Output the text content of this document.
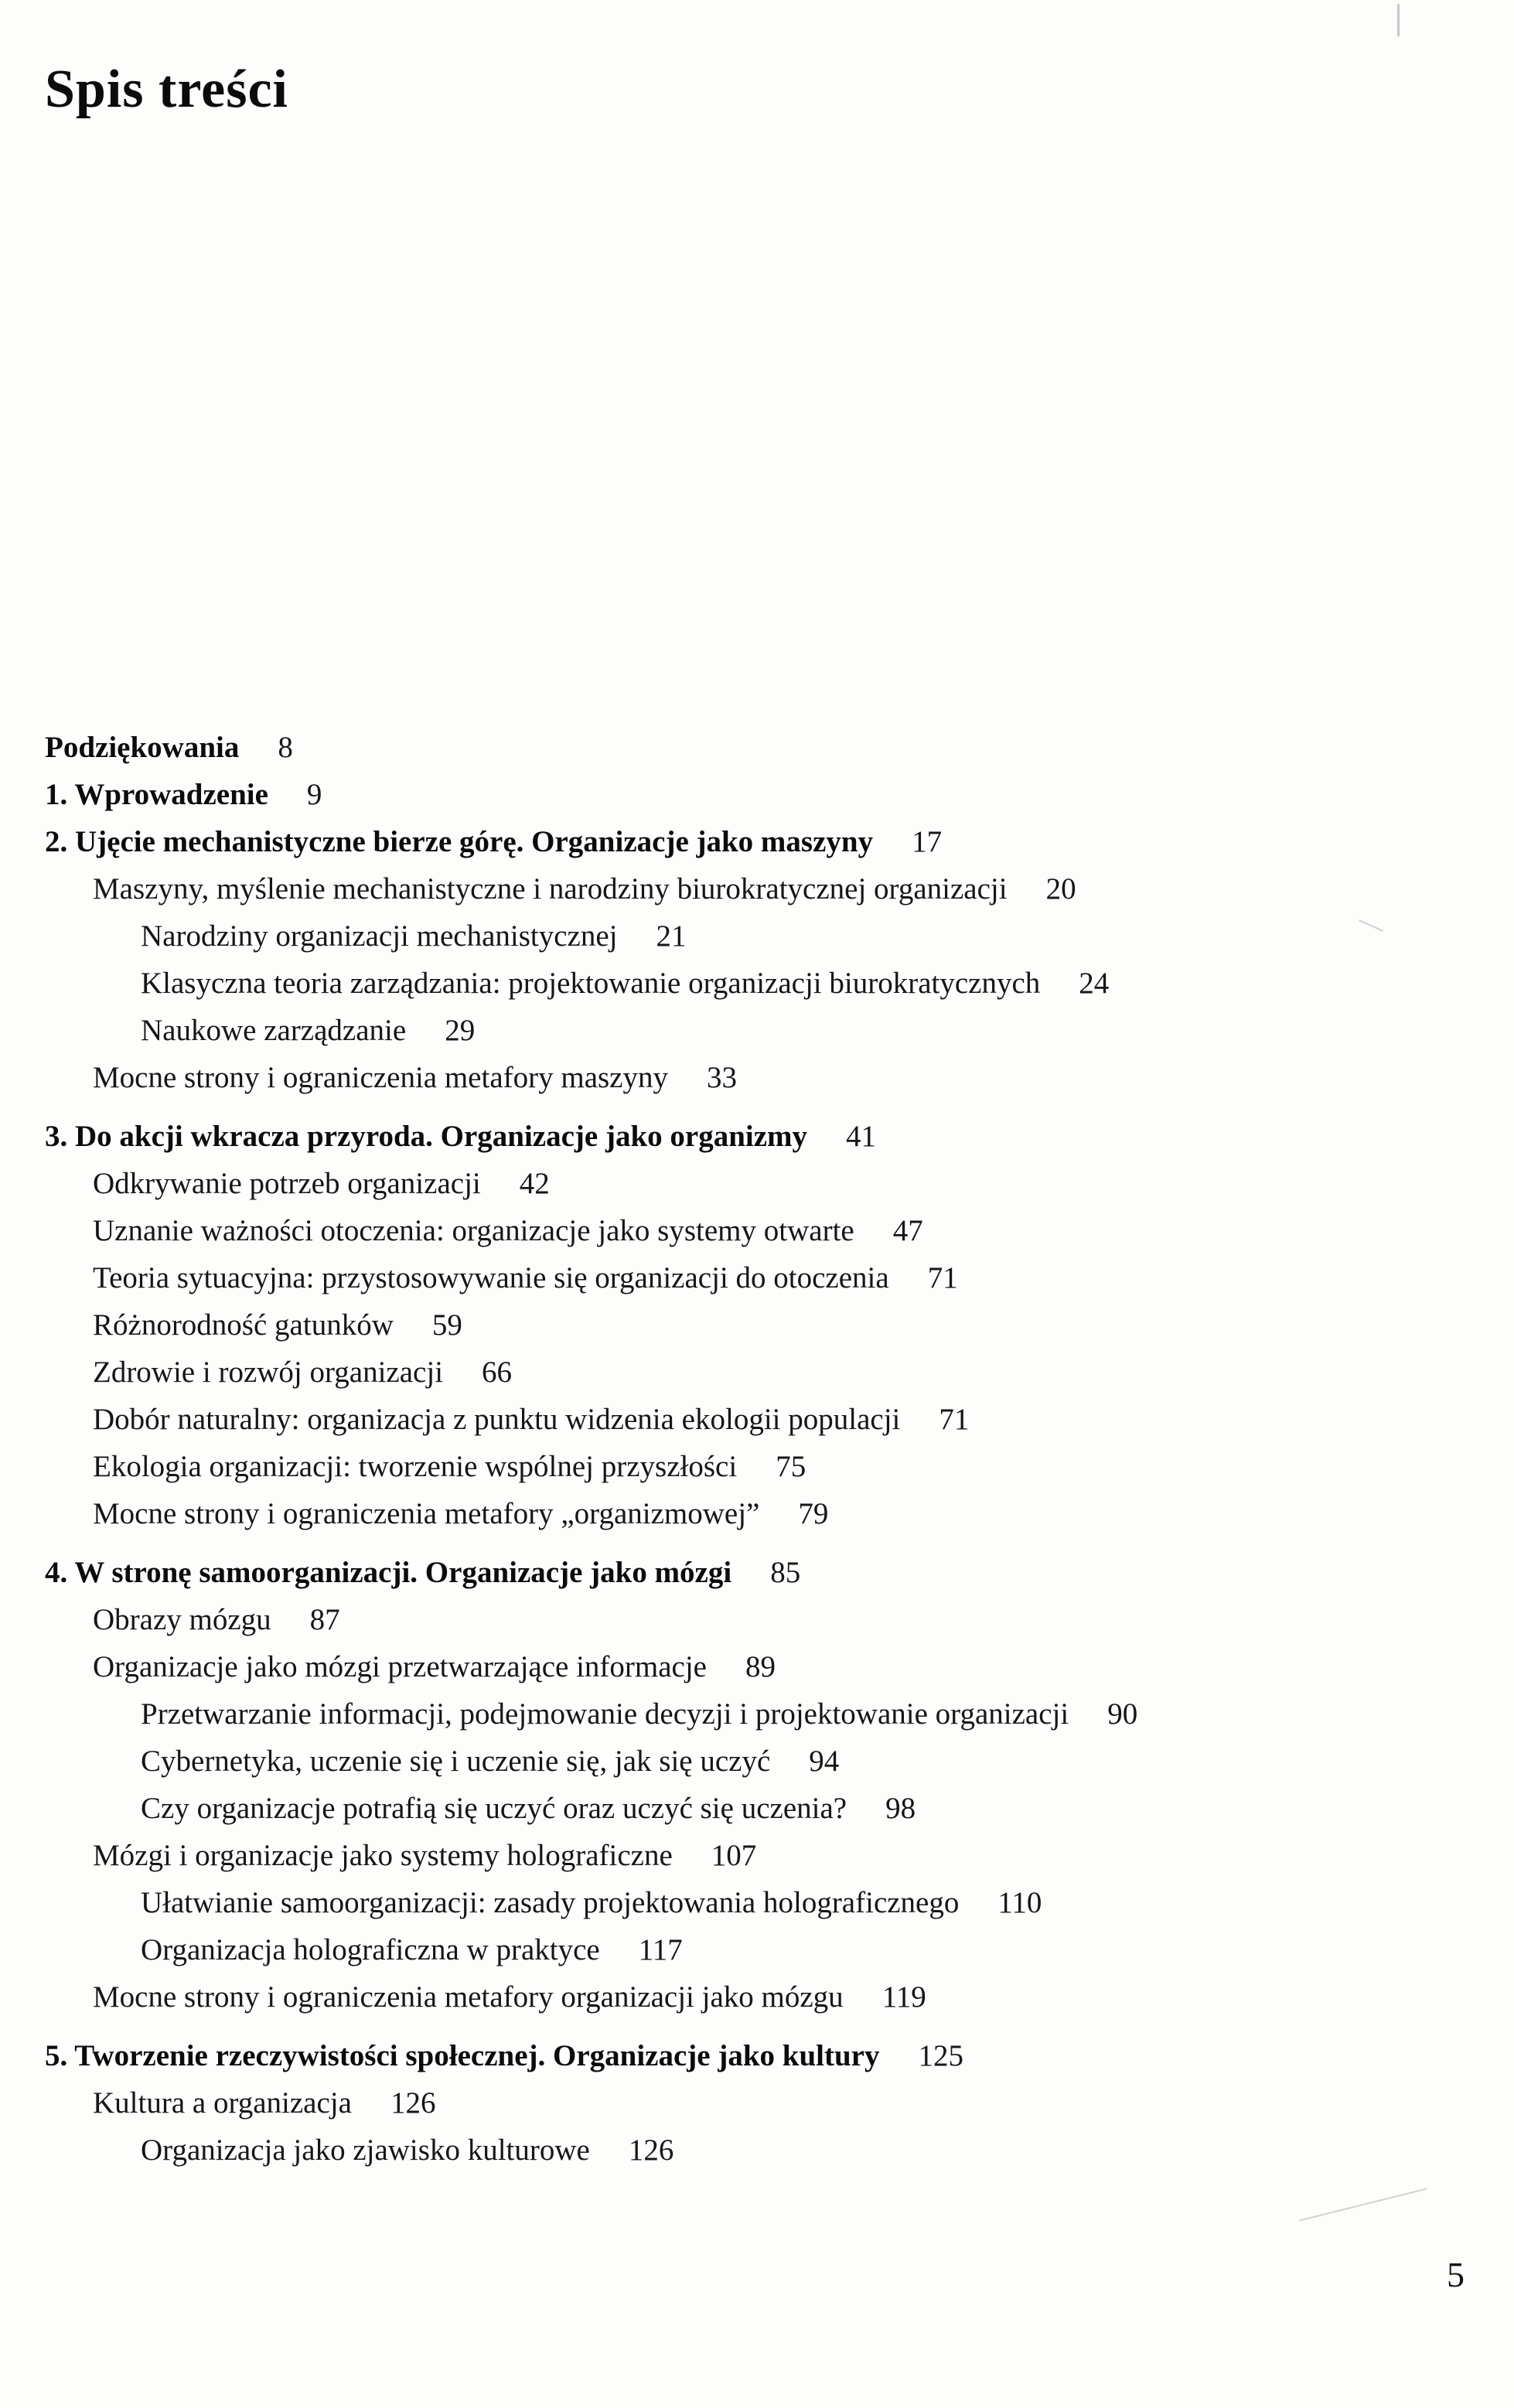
Spis treści
Podziękowania 8
1. Wprowadzenie 9
2. Ujęcie mechanistyczne bierze górę. Organizacje jako maszyny 17
Maszyny, myślenie mechanistyczne i narodziny biurokratycznej organizacji 20
Narodziny organizacji mechanistycznej 21
Klasyczna teoria zarządzania: projektowanie organizacji biurokratycznych 24
Naukowe zarządzanie 29
Mocne strony i ograniczenia metafory maszyny 33
3. Do akcji wkracza przyroda. Organizacje jako organizmy 41
Odkrywanie potrzeb organizacji 42
Uznanie ważności otoczenia: organizacje jako systemy otwarte 47
Teoria sytuacyjna: przystosowywanie się organizacji do otoczenia 71
Różnorodność gatunków 59
Zdrowie i rozwój organizacji 66
Dobór naturalny: organizacja z punktu widzenia ekologii populacji 71
Ekologia organizacji: tworzenie wspólnej przyszłości 75
Mocne strony i ograniczenia metafory „organizmowej” 79
4. W stronę samoorganizacji. Organizacje jako mózgi 85
Obrazy mózgu 87
Organizacje jako mózgi przetwarzające informacje 89
Przetwarzanie informacji, podejmowanie decyzji i projektowanie organizacji 90
Cybernetyka, uczenie się i uczenie się, jak się uczyć 94
Czy organizacje potrafią się uczyć oraz uczyć się uczenia? 98
Mózgi i organizacje jako systemy holograficzne 107
Ułatwianie samoorganizacji: zasady projektowania holograficznego 110
Organizacja holograficzna w praktyce 117
Mocne strony i ograniczenia metafory organizacji jako mózgu 119
5. Tworzenie rzeczywistości społecznej. Organizacje jako kultury 125
Kultura a organizacja 126
Organizacja jako zjawisko kulturowe 126
5
